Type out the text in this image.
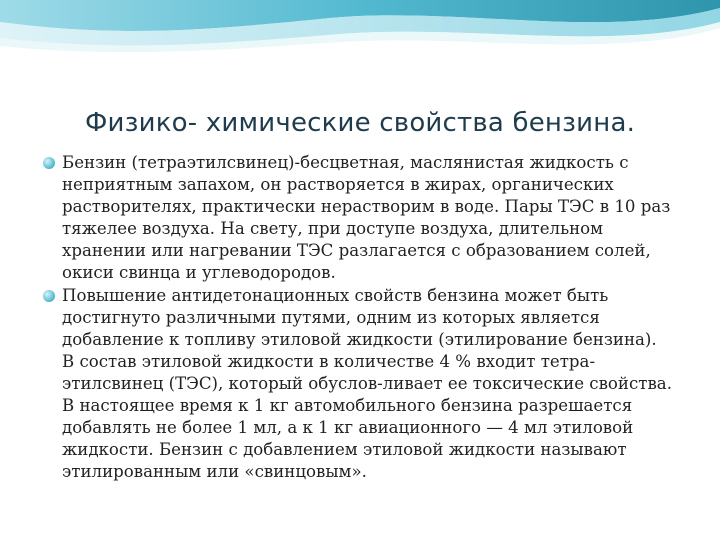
Физико- химические свойства бензина.

Бензин (тетраэтилсвинец)-бесцветная, маслянистая жидкость с неприятным запахом, он растворяется в жирах, органических растворителях, практически нерастворим в воде. Пары ТЭС в 10 раз тяжелее воздуха. На свету, при доступе воздуха, длительном хранении или нагревании ТЭС разлагается с образованием солей, окиси свинца и углеводородов.

Повышение антидетонационных свойств бензина может быть достигнуто различными путями, одним из которых является добавление к топливу этиловой жидкости (этилирование бензина). В состав этиловой жидкости в количестве 4 % входит тетра-этилсвинец (ТЭС), который обуслов-ливает ее токсические свойства. В настоящее время к 1 кг автомобильного бензина разрешается добавлять не более 1 мл, а к 1 кг авиационного — 4 мл этиловой жидкости. Бензин с добавлением этиловой жидкости называют этилированным или «свинцовым».
